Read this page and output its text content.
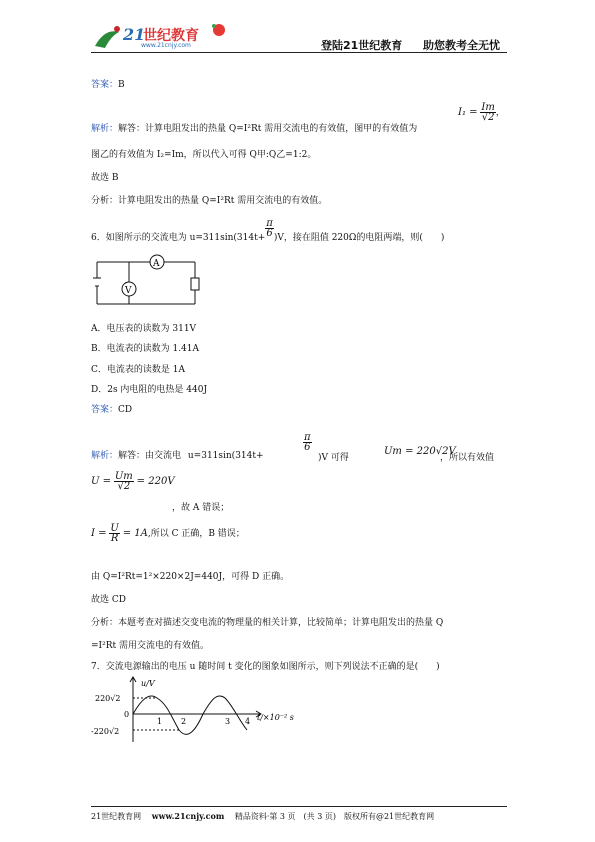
21
世纪教育
www.21cnjy.com	登陆21世纪教育 助您教考全无忧
答案：B
解析：解答：计算电阻发出的热量 Q=I²Rt 需用交流电的有效值，图甲的有效值为
$I_1 = \frac{Im}{√2}$ ，
图乙的有效值为 I₂=Im，所以代入可得 Q甲:Q乙=1:2。
故选 B
分析：计算电阻发出的热量 Q=I²Rt 需用交流电的有效值。
6．如图所示的交流电为 $u=311\sin(314t+ \frac{\pi}{6} )V$，接在阻值 220Ω的电阻两端，则(　　)
A
V
A．电压表的读数为 311V
B．电流表的读数为 1.41A
C．电流表的读数是 1A
D．2s 内电阻的电热是 440J
答案：CD
解析：解答：由交流电 u=311sin(314t+
$\frac{\pi}{6}$
)V 可得
Um = 220√2V
，所以有效值
$U = \frac{Um}{√2} = 220V$
，故 A 错误；
$I = \frac{U}{R} = 1A$,所以 C 正确，B 错误；
由 Q=I²Rt=1²×220×2J=440J，可得 D 正确。
故选 CD
分析：本题考查对描述交变电流的物理量的相关计算，比较简单；计算电阻发出的热量 Q
=I²Rt 需用交流电的有效值。
7．交流电源输出的电压 u 随时间 t 变化的图象如图所示，则下列说法不正确的是(　　)
u/V
220√2
0
-220√2
1 2	3 4 t/×10⁻² s
21世纪教育网 www.21cnjy.com 精品资料·第 3 页　(共 3 页)　版权所有@21世纪教育网
